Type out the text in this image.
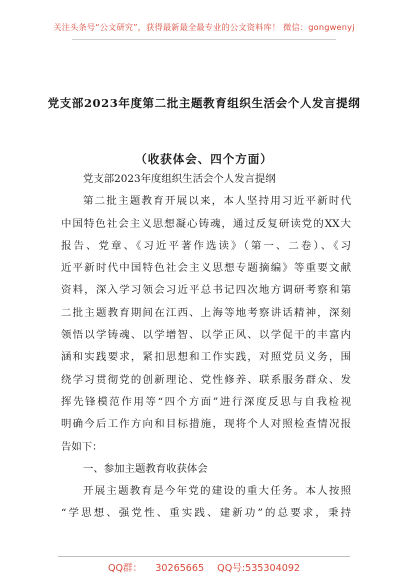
关注头条号“公文研究”，获得最新最全最专业的公文资料库！ 微信：gongwenyj
党支部2023年度第二批主题教育组织生活会个人发言提纲
（收获体会、四个方面）
党支部2023年度组织生活会个人发言提纲
第二批主题教育开展以来，本人坚持用习近平新时代
中国特色社会主义思想凝心铸魂，通过反复研读党的XX大
报告、党章、《习近平著作选读》（第一、二卷）、《习
近平新时代中国特色社会主义思想专题摘编》等重要文献
资料，深入学习领会习近平总书记四次地方调研考察和第
二批主题教育期间在江西、上海等地考察讲话精神，深刻
领悟以学铸魂、以学增智、以学正风、以学促干的丰富内
涵和实践要求，紧扣思想和工作实践，对照党员义务，围
绕学习贯彻党的创新理论、党性修养、联系服务群众、发
挥先锋模范作用等“四个方面”进行深度反思与自我检视
明确今后工作方向和目标措施，现将个人对照检查情况报
告如下：
一、参加主题教育收获体会
开展主题教育是今年党的建设的重大任务。本人按照
“学思想、强党性、重实践、建新功”的总要求，秉持
QQ群： 30265665 QQ号:535304092
